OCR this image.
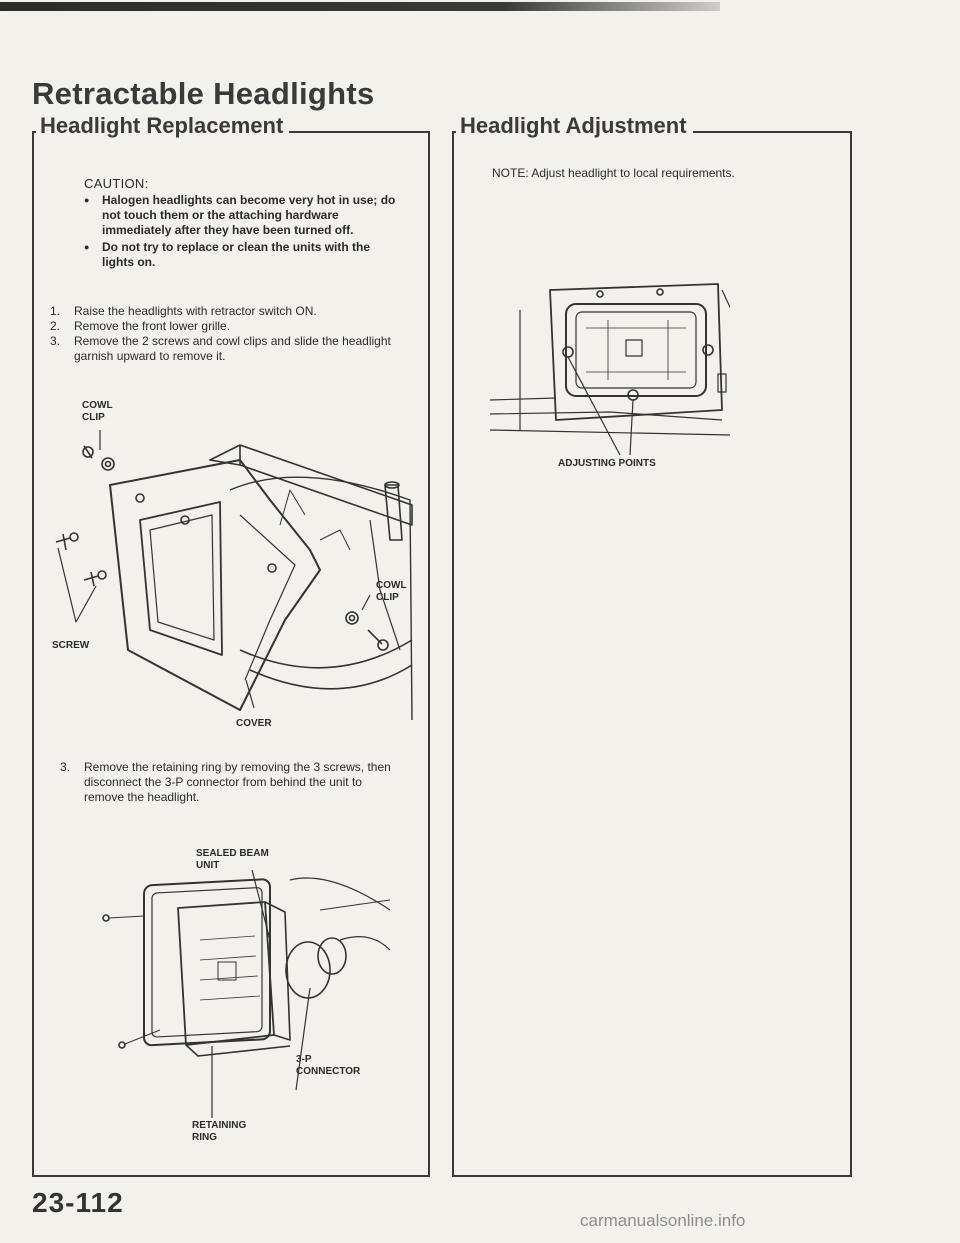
Retractable Headlights
Headlight Replacement	Headlight Adjustment
CAUTION:
● Halogen headlights can become very hot in use; do not touch them or the attaching hardware immediately after they have been turned off.
● Do not try to replace or clean the units with the lights on.
1. Raise the headlights with retractor switch ON.
2. Remove the front lower grille.
3. Remove the 2 screws and cowl clips and slide the headlight garnish upward to remove it.
COWL
CLIP
COWL
CLIP
SCREW
COVER
3. Remove the retaining ring by removing the 3 screws, then disconnect the 3-P connector from behind the unit to remove the headlight.
SEALED BEAM
UNIT
3-P
CONNECTOR
RETAINING
RING
NOTE: Adjust headlight to local requirements.
ADJUSTING POINTS
23-112
carmanualsonline.info
